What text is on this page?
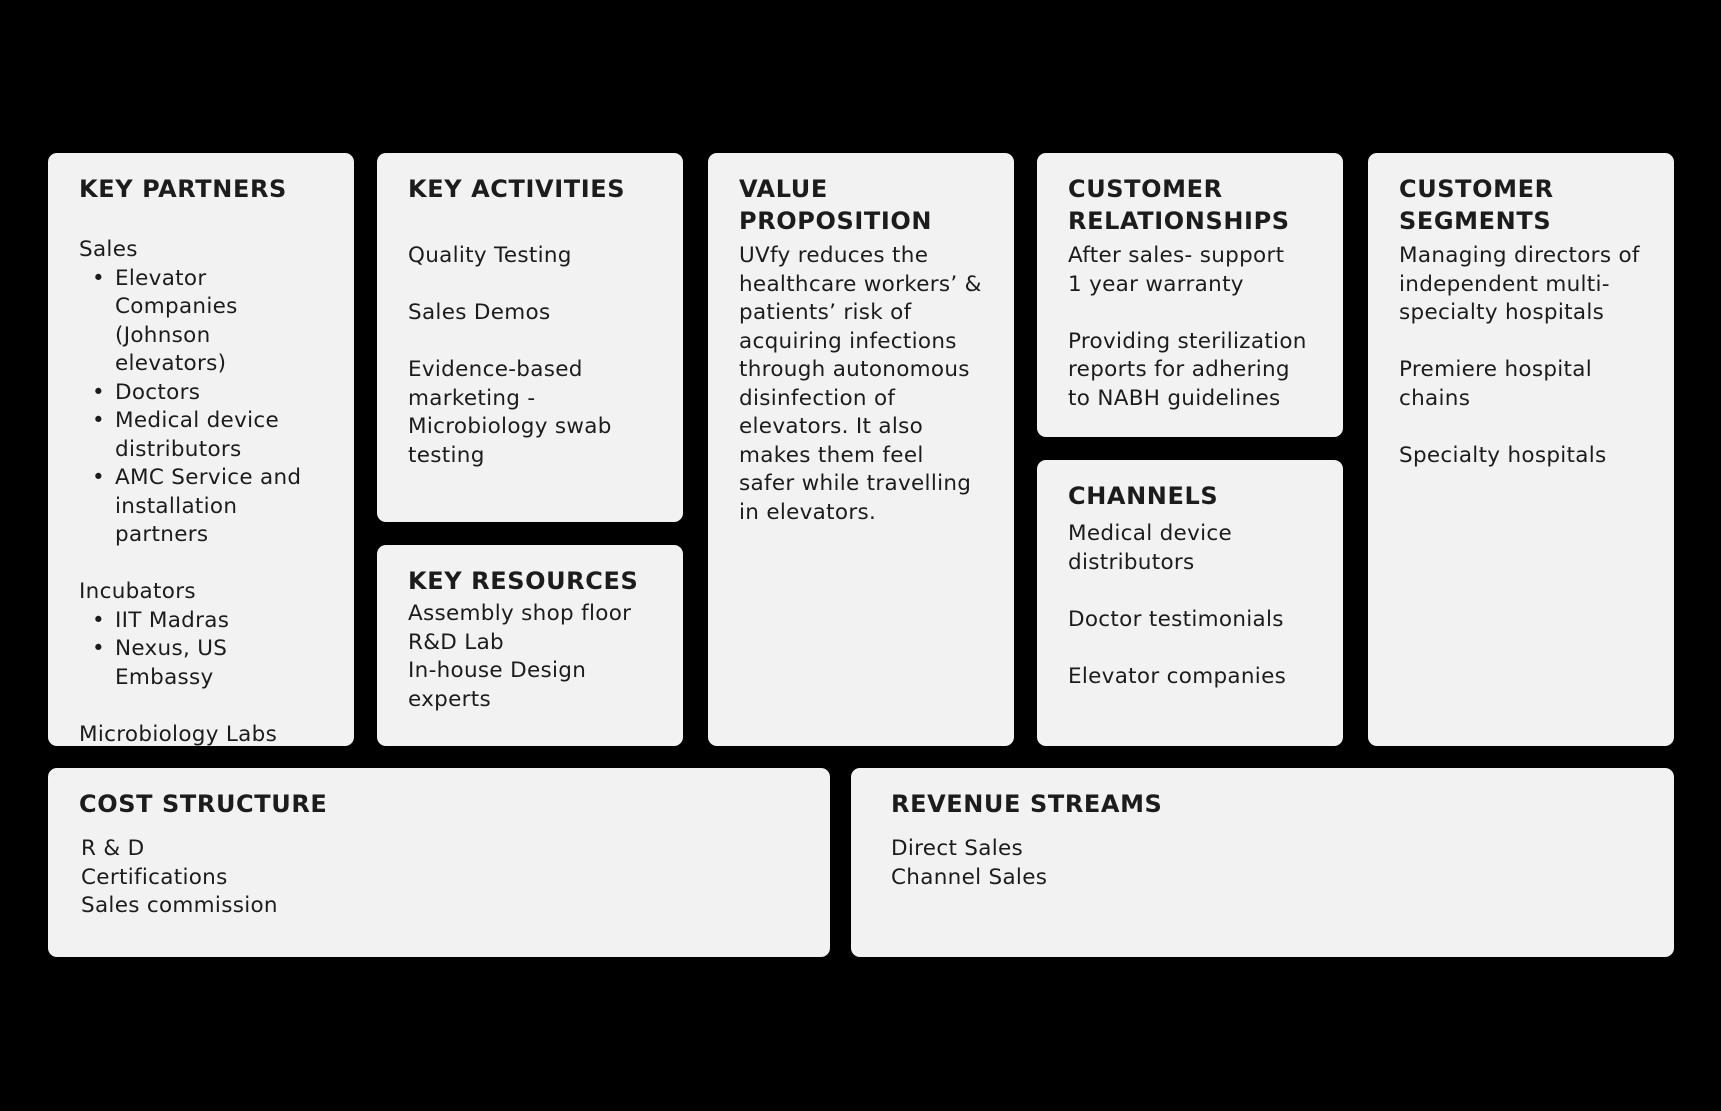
KEY PARTNERS
Sales
• Elevator Companies (Johnson elevators)
• Doctors
• Medical device distributors
• AMC Service and installation partners
Incubators
• IIT Madras
• Nexus, US Embassy
Microbiology Labs
KEY ACTIVITIES
Quality Testing
Sales Demos
Evidence-based marketing - Microbiology swab testing
KEY RESOURCES
Assembly shop floor
R&D Lab
In-house Design experts
VALUE PROPOSITION
UVfy reduces the healthcare workers’ & patients’ risk of acquiring infections through autonomous disinfection of elevators. It also makes them feel safer while travelling in elevators.
CUSTOMER RELATIONSHIPS
After sales- support
1 year warranty
Providing sterilization reports for adhering to NABH guidelines
CHANNELS
Medical device distributors
Doctor testimonials
Elevator companies
CUSTOMER SEGMENTS
Managing directors of independent multi-specialty hospitals
Premiere hospital chains
Specialty hospitals
COST STRUCTURE
R & D
Certifications
Sales commission
REVENUE STREAMS
Direct Sales
Channel Sales
